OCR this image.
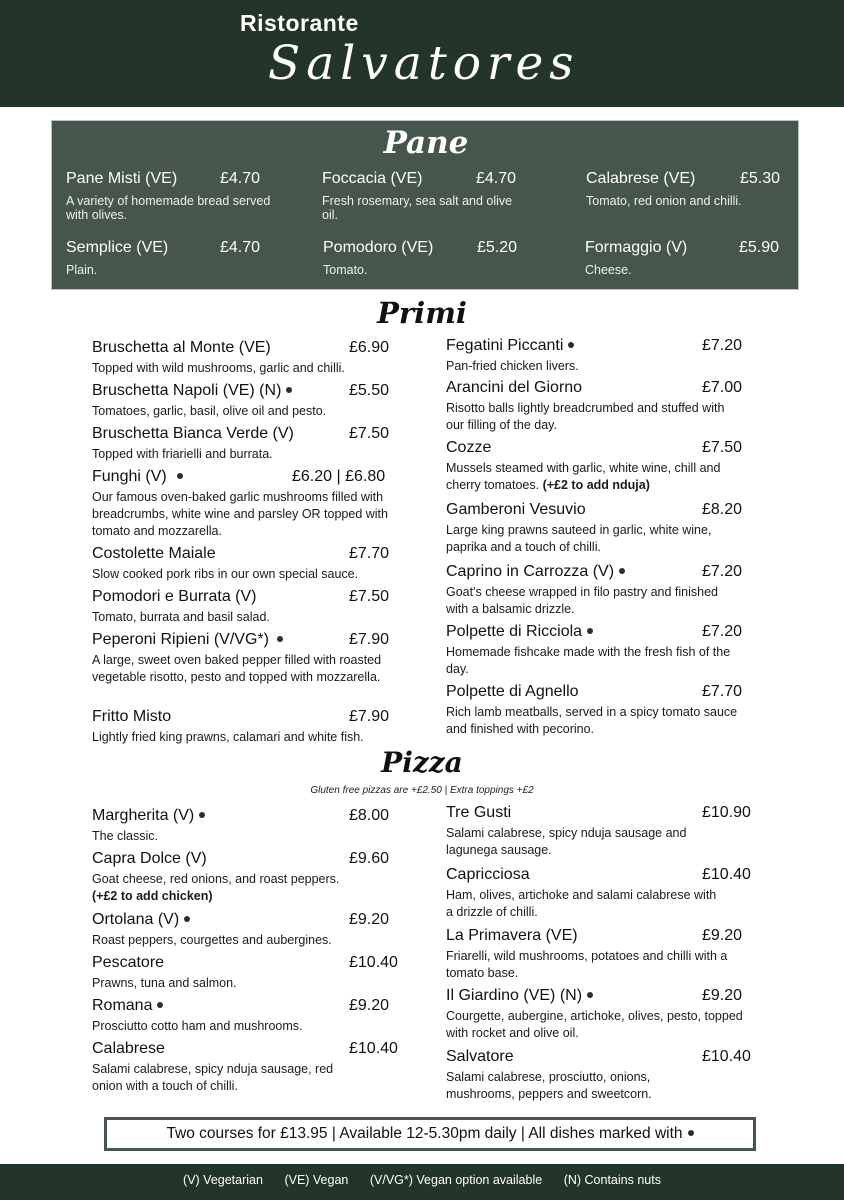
Ristorante
Salvatores
Pane
Pane Misti (VE)	£4.70
A variety of homemade bread served with olives.
Foccacia (VE)	£4.70
Fresh rosemary, sea salt and olive oil.
Calabrese (VE)	£5.30
Tomato, red onion and chilli.
Semplice (VE)	£4.70
Plain.
Pomodoro (VE)	£5.20
Tomato.
Formaggio (V)	£5.90
Cheese.
Primi
Bruschetta al Monte (VE)	£6.90
Topped with wild mushrooms, garlic and chilli.
Bruschetta Napoli (VE) (N)	£5.50
Tomatoes, garlic, basil, olive oil and pesto.
Bruschetta Bianca Verde (V)	£7.50
Topped with friarielli and burrata.
Funghi (V)	£6.20 | £6.80
Our famous oven-baked garlic mushrooms filled with breadcrumbs, white wine and parsley OR topped with tomato and mozzarella.
Costolette Maiale	£7.70
Slow cooked pork ribs in our own special sauce.
Pomodori e Burrata (V)	£7.50
Tomato, burrata and basil salad.
Peperoni Ripieni (V/VG*)	£7.90
A large, sweet oven baked pepper filled with roasted vegetable risotto, pesto and topped with mozzarella.
Fritto Misto	£7.90
Lightly fried king prawns, calamari and white fish.
Fegatini Piccanti	£7.20
Pan-fried chicken livers.
Arancini del Giorno	£7.00
Risotto balls lightly breadcrumbed and stuffed with our filling of the day.
Cozze	£7.50
Mussels steamed with garlic, white wine, chill and cherry tomatoes. (+£2 to add nduja)
Gamberoni Vesuvio	£8.20
Large king prawns sauteed in garlic, white wine, paprika and a touch of chilli.
Caprino in Carrozza (V)	£7.20
Goat's cheese wrapped in filo pastry and finished with a balsamic drizzle.
Polpette di Ricciola	£7.20
Homemade fishcake made with the fresh fish of the day.
Polpette di Agnello	£7.70
Rich lamb meatballs, served in a spicy tomato sauce and finished with pecorino.
Pizza
Gluten free pizzas are +£2.50 | Extra toppings +£2
Margherita (V)	£8.00
The classic.
Capra Dolce (V)	£9.60
Goat cheese, red onions, and roast peppers.
(+£2 to add chicken)
Ortolana (V)	£9.20
Roast peppers, courgettes and aubergines.
Pescatore	£10.40
Prawns, tuna and salmon.
Romana	£9.20
Prosciutto cotto ham and mushrooms.
Calabrese	£10.40
Salami calabrese, spicy nduja sausage, red onion with a touch of chilli.
Tre Gusti	£10.90
Salami calabrese, spicy nduja sausage and lagunega sausage.
Capricciosa	£10.40
Ham, olives, artichoke and salami calabrese with a drizzle of chilli.
La Primavera (VE)	£9.20
Friarelli, wild mushrooms, potatoes and chilli with a tomato base.
Il Giardino (VE) (N)	£9.20
Courgette, aubergine, artichoke, olives, pesto, topped with rocket and olive oil.
Salvatore	£10.40
Salami calabrese, prosciutto, onions, mushrooms, peppers and sweetcorn.
Two courses for £13.95 | Available 12-5.30pm daily | All dishes marked with
(V) Vegetarian (VE) Vegan (V/VG*) Vegan option available (N) Contains nuts
